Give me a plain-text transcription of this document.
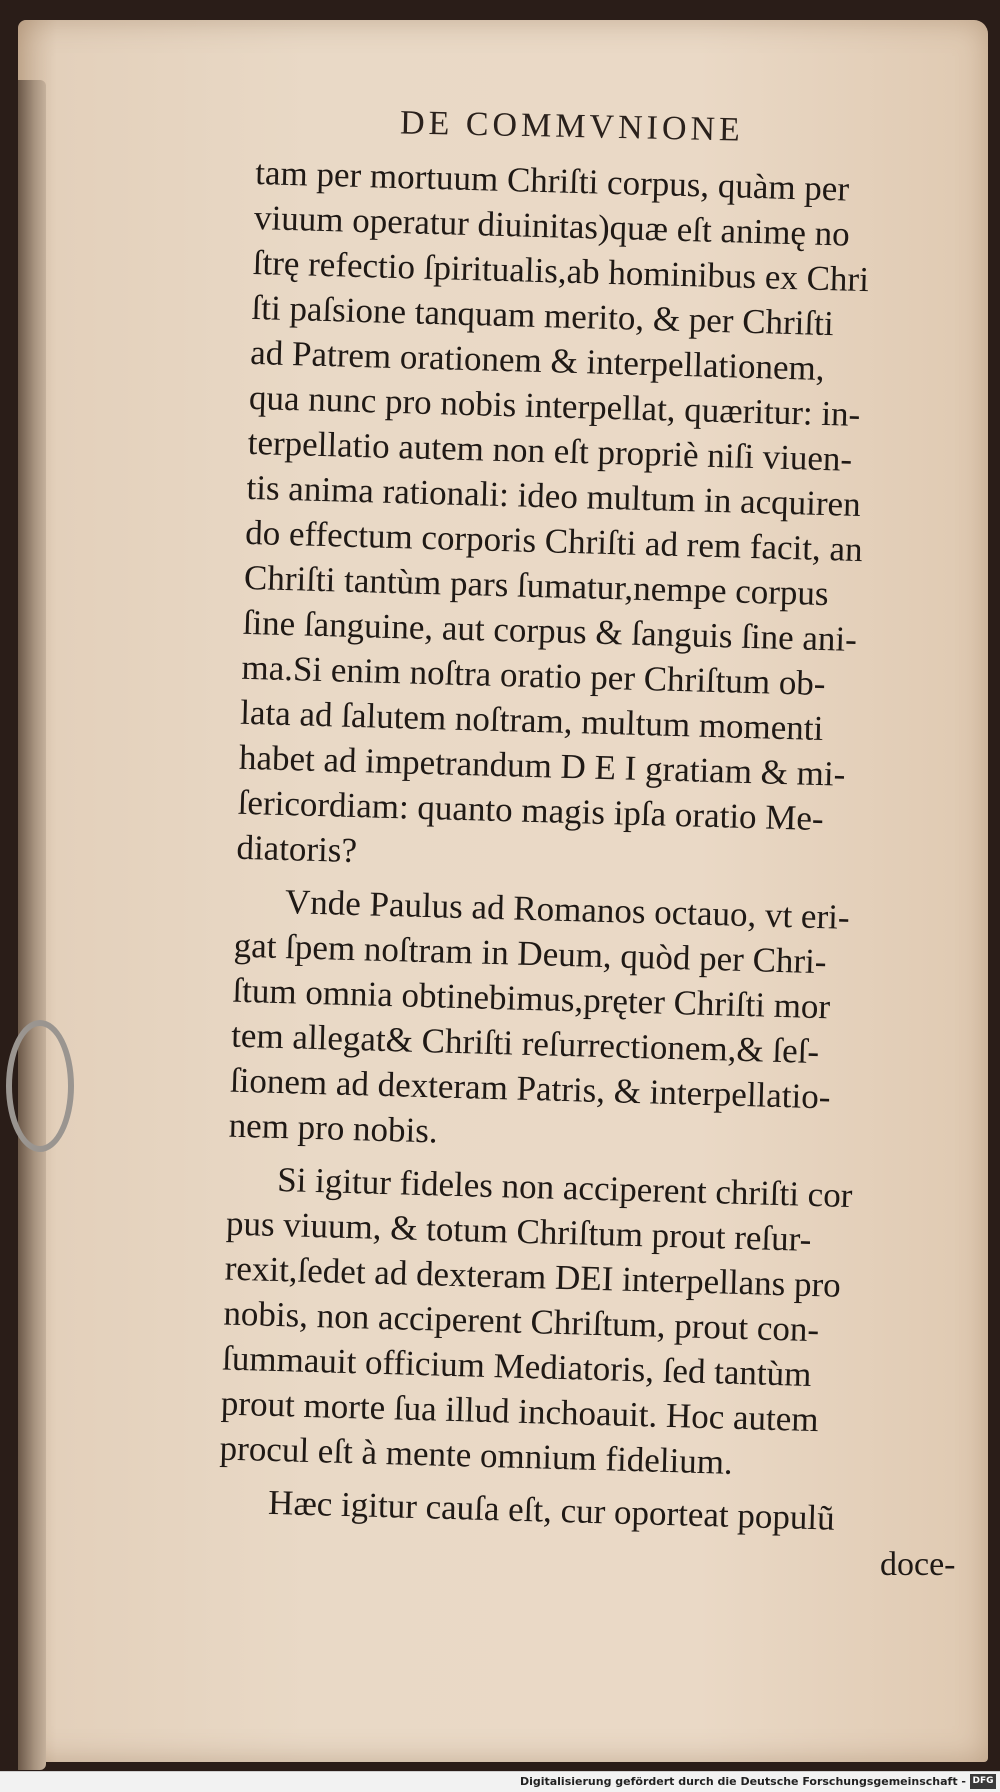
DE COMMVNIONE
tam per mortuum Chriſti corpus, quàm per
viuum operatur diuinitas)quæ eſt animę no
ſtrę refectio ſpiritualis,ab hominibus ex Chri
ſti paſsione tanquam merito, & per Chriſti
ad Patrem orationem & interpellationem,
qua nunc pro nobis interpellat, quæritur: in-
terpellatio autem non eſt propriè niſi viuen-
tis anima rationali: ideo multum in acquiren
do effectum corporis Chriſti ad rem facit, an
Chriſti tantùm pars ſumatur,nempe corpus
ſine ſanguine, aut corpus & ſanguis ſine ani-
ma.Si enim noſtra oratio per Chriſtum ob-
lata ad ſalutem noſtram, multum momenti
habet ad impetrandum D E I gratiam & mi-
ſericordiam: quanto magis ipſa oratio Me-
diatoris?
Vnde Paulus ad Romanos octauo, vt eri-
gat ſpem noſtram in Deum, quòd per Chri-
ſtum omnia obtinebimus,pręter Chriſti mor
tem allegat& Chriſti reſurrectionem,& ſeſ-
ſionem ad dexteram Patris, & interpellatio-
nem pro nobis.
Si igitur fideles non acciperent chriſti cor
pus viuum, & totum Chriſtum prout reſur-
rexit,ſedet ad dexteram DEI interpellans pro
nobis, non acciperent Chriſtum, prout con-
ſummauit officium Mediatoris, ſed tantùm
prout morte ſua illud inchoauit. Hoc autem
procul eſt à mente omnium fidelium.
Hæc igitur cauſa eſt, cur oporteat populũ
doce-
Digitalisierung gefördert durch die Deutsche Forschungsgemeinschaft - DFG
